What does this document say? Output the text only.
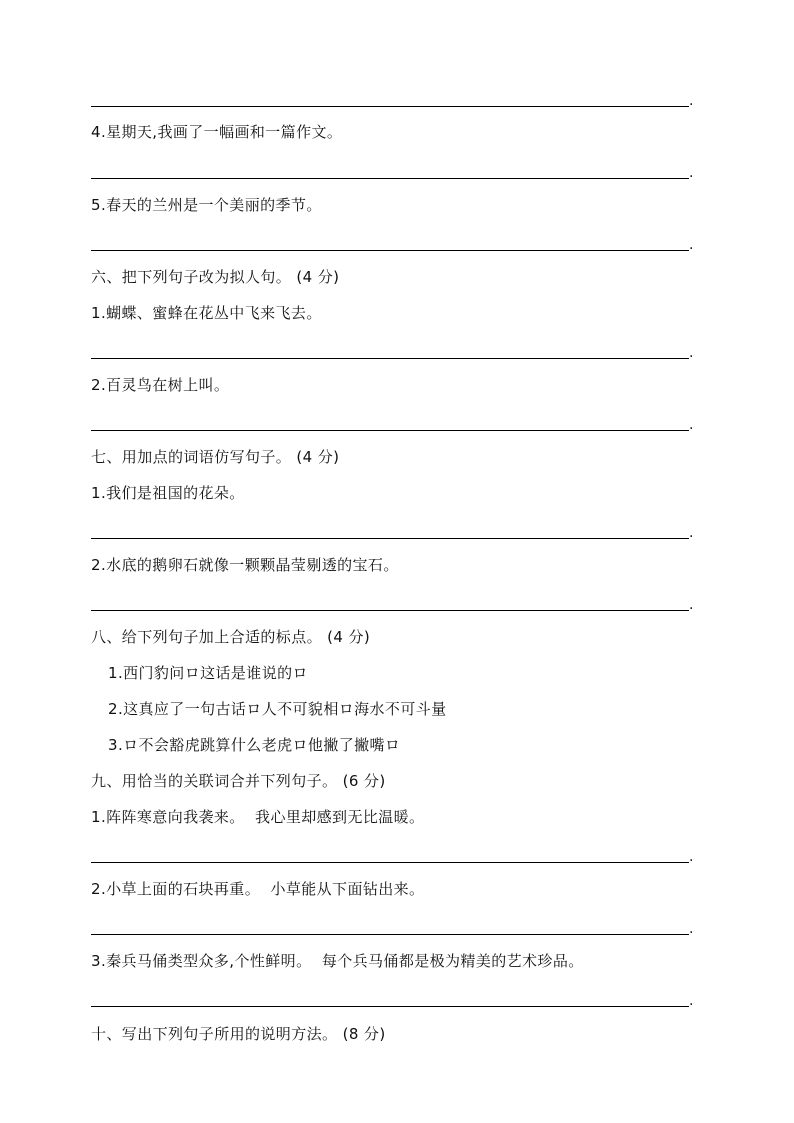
.
4.星期天,我画了一幅画和一篇作文。
.
5.春天的兰州是一个美丽的季节。
.
六、把下列句子改为拟人句。 (4 分)
1.蝴蝶、蜜蜂在花丛中飞来飞去。
.
2.百灵鸟在树上叫。
.
七、用加点的词语仿写句子。 (4 分)
1.我们是祖国的花朵。
.
2.水底的鹅卵石就像一颗颗晶莹剔透的宝石。
.
八、给下列句子加上合适的标点。 (4 分)
1.西门豹问ロ这话是谁说的ロ
2.这真应了一句古话ロ人不可貌相ロ海水不可斗量
3.ロ不会豁虎跳算什么老虎ロ他撇了撇嘴ロ
九、用恰当的关联词合并下列句子。 (6 分)
1.阵阵寒意向我袭来。  我心里却感到无比温暖。
.
2.小草上面的石块再重。  小草能从下面钻出来。
.
3.秦兵马俑类型众多,个性鲜明。  每个兵马俑都是极为精美的艺术珍品。
.
十、写出下列句子所用的说明方法。 (8 分)
